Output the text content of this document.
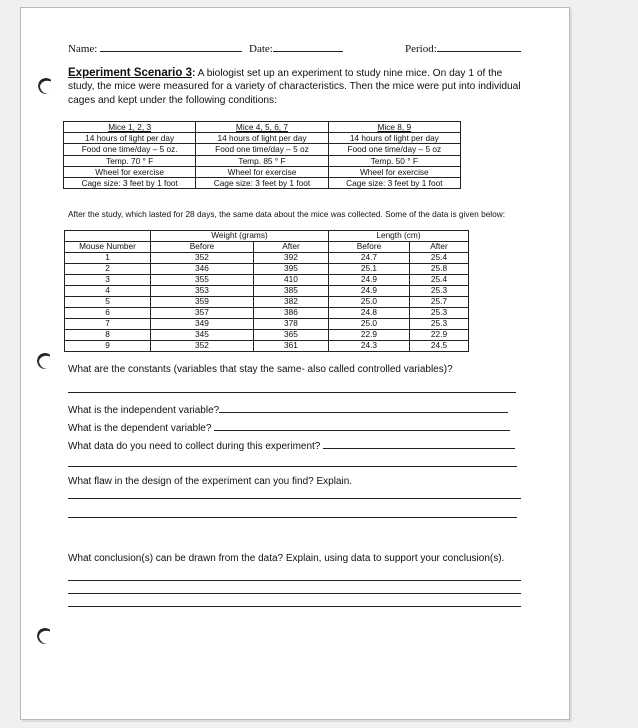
Name:	Date:	Period:
Experiment Scenario 3: A biologist set up an experiment to study nine mice. On day 1 of the study, the mice were measured for a variety of characteristics. Then the mice were put into individual cages and kept under the following conditions:
Mice 1, 2, 3	Mice 4, 5, 6, 7	Mice 8, 9
14 hours of light per day	14 hours of light per day	14 hours of light per day
Food one time/day – 5 oz.	Food one time/day – 5 oz	Food one time/day – 5 oz
Temp. 70 ° F	Temp. 85 ° F	Temp. 50 ° F
Wheel for exercise	Wheel for exercise	Wheel for exercise
Cage size: 3 feet by 1 foot	Cage size: 3 feet by 1 foot	Cage size: 3 feet by 1 foot
After the study, which lasted for 28 days, the same data about the mice was collected. Some of the data is given below:
	Weight (grams)		Length (cm)	
Mouse Number	Before	After	Before	After
1	352	392	24.7	25.4
2	346	395	25.1	25.8
3	355	410	24.9	25.4
4	353	385	24.9	25.3
5	359	382	25.0	25.7
6	357	386	24.8	25.3
7	349	378	25.0	25.3
8	345	365	22.9	22.9
9	352	361	24.3	24.5
What are the constants (variables that stay the same- also called controlled variables)?
What is the independent variable?
What is the dependent variable?
What data do you need to collect during this experiment?
What flaw in the design of the experiment can you find? Explain.
What conclusion(s) can be drawn from the data? Explain, using data to support your conclusion(s).
